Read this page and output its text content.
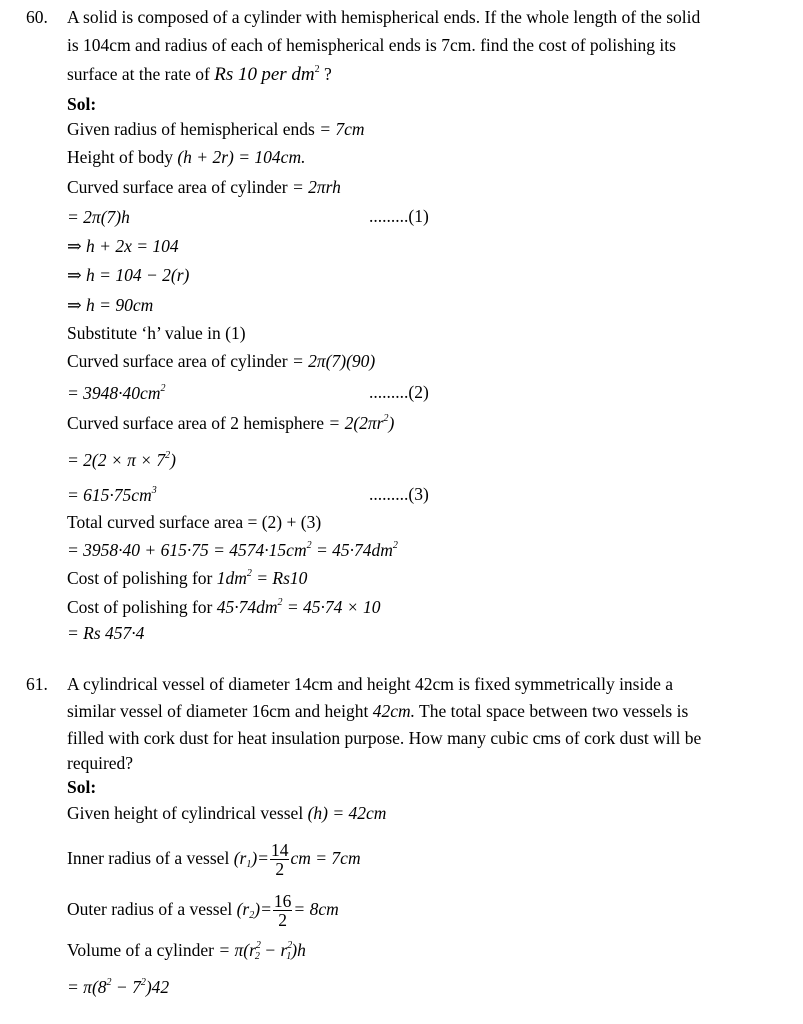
60. A solid is composed of a cylinder with hemispherical ends. If the whole length of the solid
is 104cm and radius of each of hemispherical ends is 7cm. find the cost of polishing its
surface at the rate of Rs 10 per $dm^2$ ?
Sol:
Given radius of hemispherical ends = 7cm
Height of body (h + 2r) = 104cm.
Curved surface area of cylinder = 2πrh
= 2π(7)h	.........(1)
⇒ h + 2x = 104
⇒ h = 104 − 2(r)
⇒ h = 90cm
Substitute ‘h’ value in (1)
Curved surface area of cylinder = 2π(7)(90)
= $3948\cdot 40cm^2$	.........(2)
Curved surface area of 2 hemisphere = $2(2\pi r^2)$
= $2(2 \times \pi \times 7^2)$
= $615\cdot 75cm^3$	.........(3)
Total curved surface area = (2) + (3)
= $3958\cdot 40 + 615\cdot 75 = 4574\cdot 15cm^2 = 45\cdot 74dm^2$
Cost of polishing for $1dm^2 = Rs10$
Cost of polishing for $45\cdot 74dm^2 = 45\cdot 74 \times 10$
= Rs 457·4
61. A cylindrical vessel of diameter 14cm and height 42cm is fixed symmetrically inside a
similar vessel of diameter 16cm and height 42cm. The total space between two vessels is
filled with cork dust for heat insulation purpose. How many cubic cms of cork dust will be
required?
Sol:
Given height of cylindrical vessel (h) = 42cm
Inner radius of a vessel $(r_1)= \frac{14}{2}$ cm = 7cm
Outer radius of a vessel $(r_2)= \frac{16}{2} = 8cm$
Volume of a cylinder = $\pi(r^2_2 - r^2_1)h$
= $\pi(8^2 - 7^2)42$
